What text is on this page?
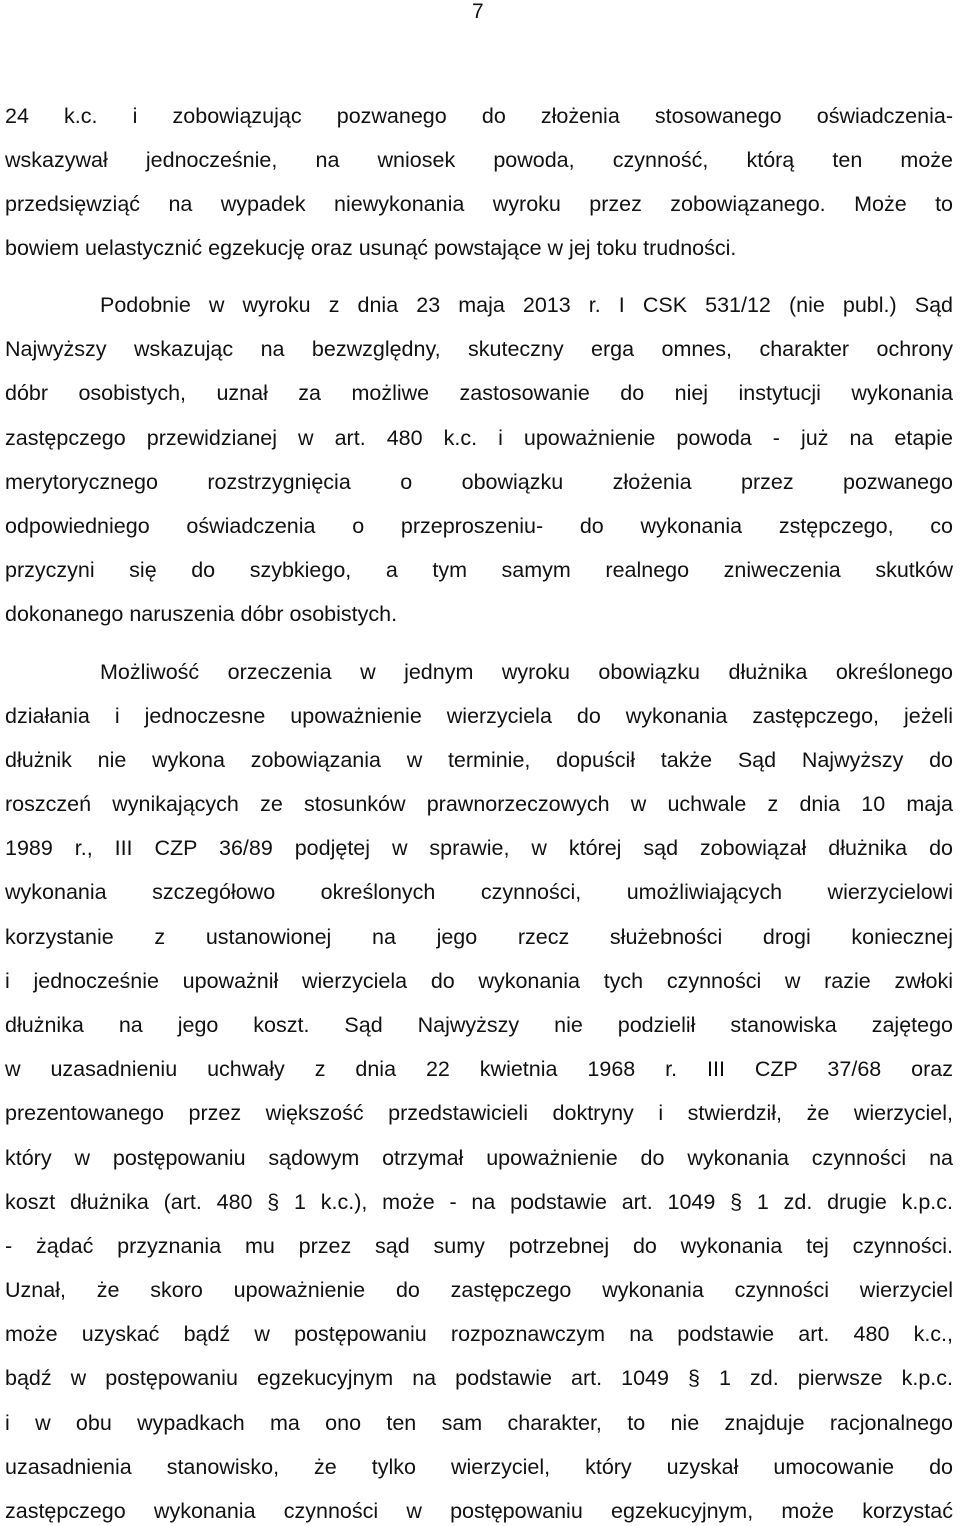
7
24 k.c. i zobowiązując pozwanego do złożenia stosowanego oświadczenia-
wskazywał jednocześnie, na wniosek powoda, czynność, którą ten może
przedsięwziąć na wypadek niewykonania wyroku przez zobowiązanego. Może to
bowiem uelastycznić egzekucję oraz usunąć powstające w jej toku trudności.
Podobnie w wyroku z dnia 23 maja 2013 r. I CSK 531/12 (nie publ.) Sąd
Najwyższy wskazując na bezwzględny, skuteczny erga omnes, charakter ochrony
dóbr osobistych, uznał za możliwe zastosowanie do niej instytucji wykonania
zastępczego przewidzianej w art. 480 k.c. i upoważnienie powoda - już na etapie
merytorycznego rozstrzygnięcia o obowiązku złożenia przez pozwanego
odpowiedniego oświadczenia o przeproszeniu- do wykonania zstępczego, co
przyczyni się do szybkiego, a tym samym realnego zniweczenia skutków
dokonanego naruszenia dóbr osobistych.
Możliwość orzeczenia w jednym wyroku obowiązku dłużnika określonego
działania i jednoczesne upoważnienie wierzyciela do wykonania zastępczego, jeżeli
dłużnik nie wykona zobowiązania w terminie, dopuścił także Sąd Najwyższy do
roszczeń wynikających ze stosunków prawnorzeczowych w uchwale z dnia 10 maja
1989 r., III CZP 36/89 podjętej w sprawie, w której sąd zobowiązał dłużnika do
wykonania szczegółowo określonych czynności, umożliwiających wierzycielowi
korzystanie z ustanowionej na jego rzecz służebności drogi koniecznej
i jednocześnie upoważnił wierzyciela do wykonania tych czynności w razie zwłoki
dłużnika na jego koszt. Sąd Najwyższy nie podzielił stanowiska zajętego
w uzasadnieniu uchwały z dnia 22 kwietnia 1968 r. III CZP 37/68 oraz
prezentowanego przez większość przedstawicieli doktryny i stwierdził, że wierzyciel,
który w postępowaniu sądowym otrzymał upoważnienie do wykonania czynności na
koszt dłużnika (art. 480 § 1 k.c.), może - na podstawie art. 1049 § 1 zd. drugie k.p.c.
- żądać przyznania mu przez sąd sumy potrzebnej do wykonania tej czynności.
Uznał, że skoro upoważnienie do zastępczego wykonania czynności wierzyciel
może uzyskać bądź w postępowaniu rozpoznawczym na podstawie art. 480 k.c.,
bądź w postępowaniu egzekucyjnym na podstawie art. 1049 § 1 zd. pierwsze k.p.c.
i w obu wypadkach ma ono ten sam charakter, to nie znajduje racjonalnego
uzasadnienia stanowisko, że tylko wierzyciel, który uzyskał umocowanie do
zastępczego wykonania czynności w postępowaniu egzekucyjnym, może korzystać
